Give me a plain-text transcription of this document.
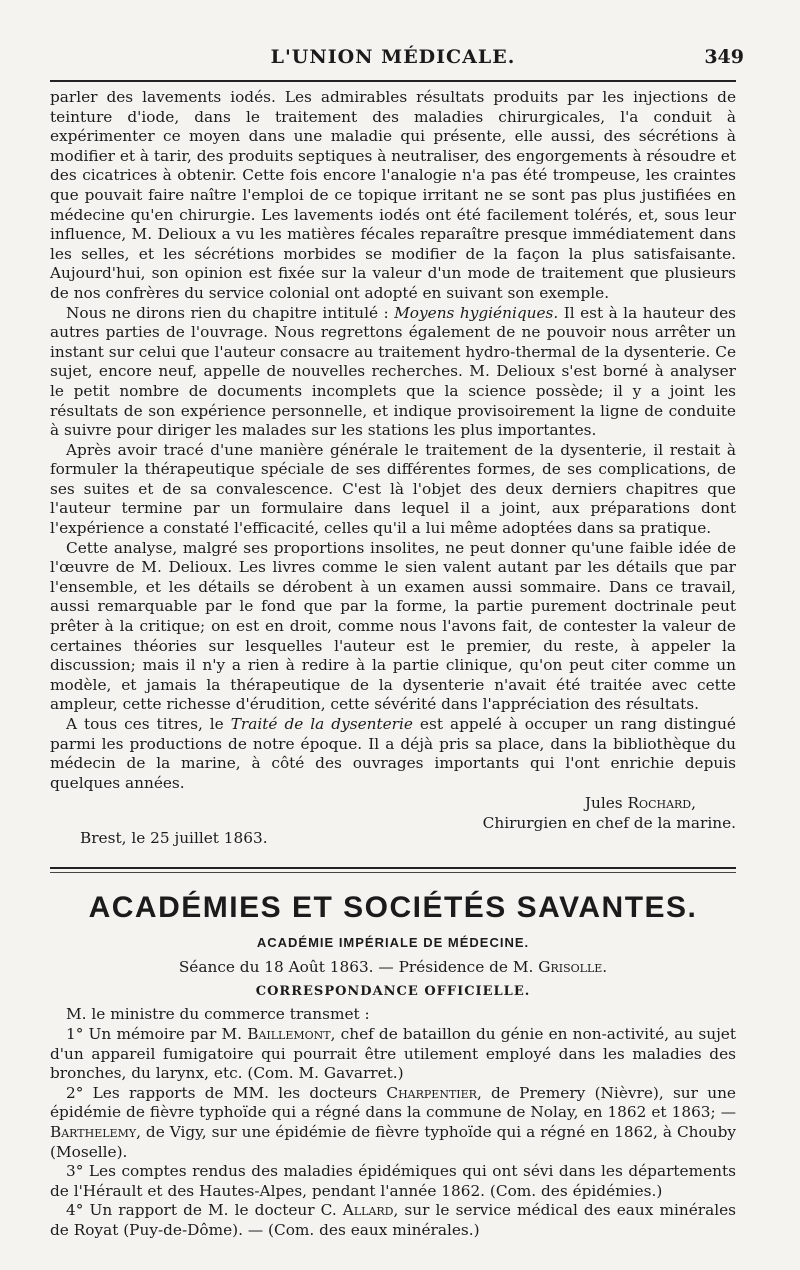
L'UNION MÉDICALE.	349

parler des lavements iodés. Les admirables résultats produits par les injections de teinture d'iode, dans le traitement des maladies chirurgicales, l'a conduit à expérimenter ce moyen dans une maladie qui présente, elle aussi, des sécrétions à modifier et à tarir, des produits septiques à neutraliser, des engorgements à résoudre et des cicatrices à obtenir. Cette fois encore l'analogie n'a pas été trompeuse, les craintes que pouvait faire naître l'emploi de ce topique irritant ne se sont pas plus justifiées en médecine qu'en chirurgie. Les lavements iodés ont été facilement tolérés, et, sous leur influence, M. Delioux a vu les matières fécales reparaître presque immédiatement dans les selles, et les sécrétions morbides se modifier de la façon la plus satisfaisante. Aujourd'hui, son opinion est fixée sur la valeur d'un mode de traitement que plusieurs de nos confrères du service colonial ont adopté en suivant son exemple.

Nous ne dirons rien du chapitre intitulé : Moyens hygiéniques. Il est à la hauteur des autres parties de l'ouvrage. Nous regrettons également de ne pouvoir nous arrêter un instant sur celui que l'auteur consacre au traitement hydro-thermal de la dysenterie. Ce sujet, encore neuf, appelle de nouvelles recherches. M. Delioux s'est borné à analyser le petit nombre de documents incomplets que la science possède; il y a joint les résultats de son expérience personnelle, et indique provisoirement la ligne de conduite à suivre pour diriger les malades sur les stations les plus importantes.

Après avoir tracé d'une manière générale le traitement de la dysenterie, il restait à formuler la thérapeutique spéciale de ses différentes formes, de ses complications, de ses suites et de sa convalescence. C'est là l'objet des deux derniers chapitres que l'auteur termine par un formulaire dans lequel il a joint, aux préparations dont l'expérience a constaté l'efficacité, celles qu'il a lui même adoptées dans sa pratique.

Cette analyse, malgré ses proportions insolites, ne peut donner qu'une faible idée de l'œuvre de M. Delioux. Les livres comme le sien valent autant par les détails que par l'ensemble, et les détails se dérobent à un examen aussi sommaire. Dans ce travail, aussi remarquable par le fond que par la forme, la partie purement doctrinale peut prêter à la critique; on est en droit, comme nous l'avons fait, de contester la valeur de certaines théories sur lesquelles l'auteur est le premier, du reste, à appeler la discussion; mais il n'y a rien à redire à la partie clinique, qu'on peut citer comme un modèle, et jamais la thérapeutique de la dysenterie n'avait été traitée avec cette ampleur, cette richesse d'érudition, cette sévérité dans l'appréciation des résultats.

A tous ces titres, le Traité de la dysenterie est appelé à occuper un rang distingué parmi les productions de notre époque. Il a déjà pris sa place, dans la bibliothèque du médecin de la marine, à côté des ouvrages importants qui l'ont enrichie depuis quelques années.

Jules Rochard,
Chirurgien en chef de la marine.
Brest, le 25 juillet 1863.
ACADÉMIES ET SOCIÉTÉS SAVANTES.
ACADÉMIE IMPÉRIALE DE MÉDECINE.
Séance du 18 Août 1863. — Présidence de M. Grisolle.
CORRESPONDANCE OFFICIELLE.

M. le ministre du commerce transmet :

1° Un mémoire par M. Baillemont, chef de bataillon du génie en non-activité, au sujet d'un appareil fumigatoire qui pourrait être utilement employé dans les maladies des bronches, du larynx, etc. (Com. M. Gavarret.)

2° Les rapports de MM. les docteurs Charpentier, de Premery (Nièvre), sur une épidémie de fièvre typhoïde qui a régné dans la commune de Nolay, en 1862 et 1863; — Barthelemy, de Vigy, sur une épidémie de fièvre typhoïde qui a régné en 1862, à Chouby (Moselle).

3° Les comptes rendus des maladies épidémiques qui ont sévi dans les départements de l'Hérault et des Hautes-Alpes, pendant l'année 1862. (Com. des épidémies.)

4° Un rapport de M. le docteur C. Allard, sur le service médical des eaux minérales de Royat (Puy-de-Dôme). — (Com. des eaux minérales.)
